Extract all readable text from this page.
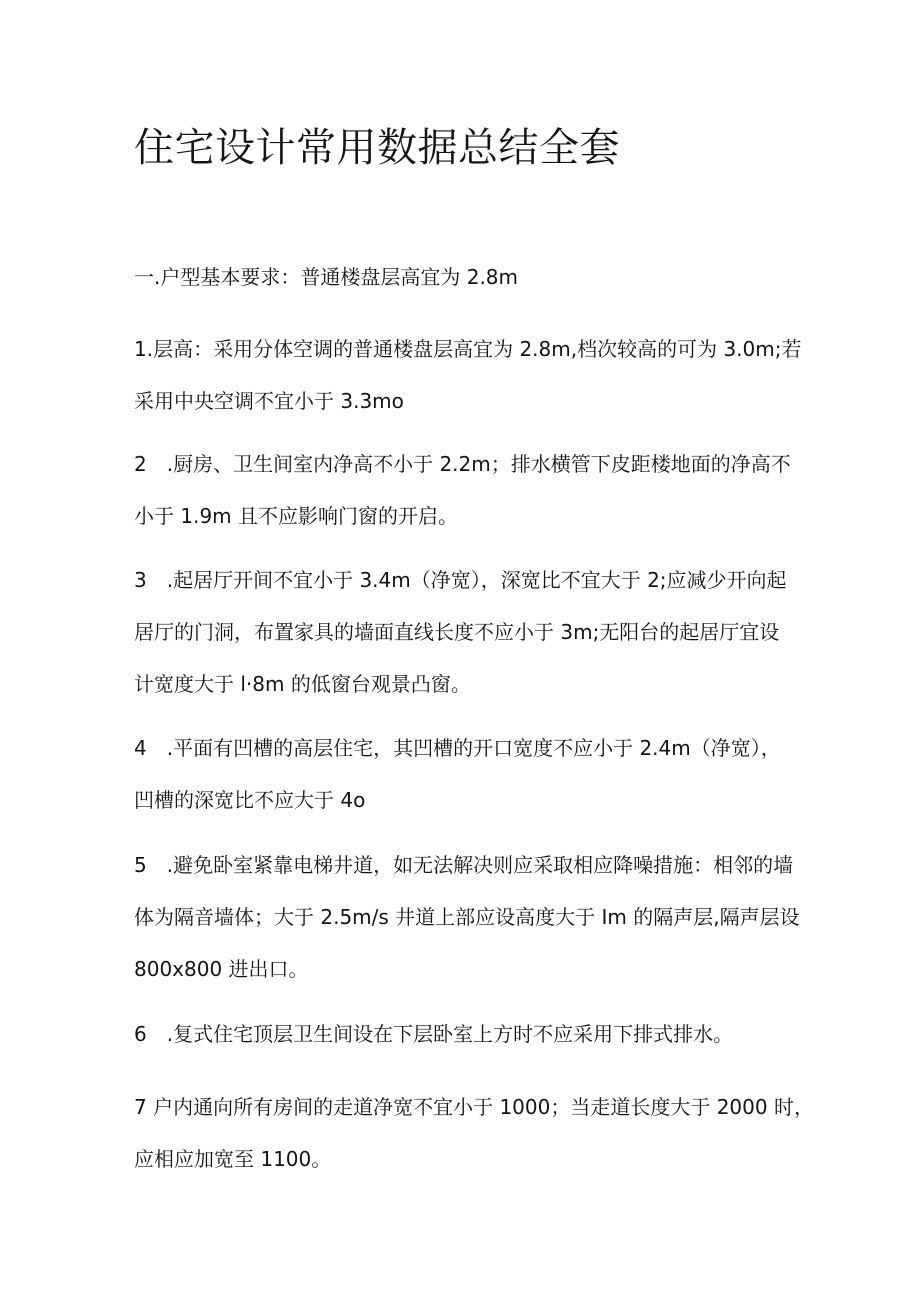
住宅设计常用数据总结全套

一.户型基本要求：普通楼盘层高宜为 2.8m

1.层高：采用分体空调的普通楼盘层高宜为 2.8m,档次较高的可为 3.0m;若
采用中央空调不宜小于 3.3mo

2　.厨房、卫生间室内净高不小于 2.2m；排水横管下皮距楼地面的净高不
小于 1.9m 且不应影响门窗的开启。

3　.起居厅开间不宜小于 3.4m（净宽），深宽比不宜大于 2;应减少开向起
居厅的门洞，布置家具的墙面直线长度不应小于 3m;无阳台的起居厅宜设
计宽度大于 l·8m 的低窗台观景凸窗。

4　.平面有凹槽的高层住宅，其凹槽的开口宽度不应小于 2.4m（净宽），
凹槽的深宽比不应大于 4o

5　.避免卧室紧靠电梯井道，如无法解决则应采取相应降噪措施：相邻的墙
体为隔音墙体；大于 2.5m/s 井道上部应设高度大于 Im 的隔声层,隔声层设
800x800 进出口。

6　.复式住宅顶层卫生间设在下层卧室上方时不应采用下排式排水。

7 户内通向所有房间的走道净宽不宜小于 1000；当走道长度大于 2000 时，
应相应加宽至 1100。
